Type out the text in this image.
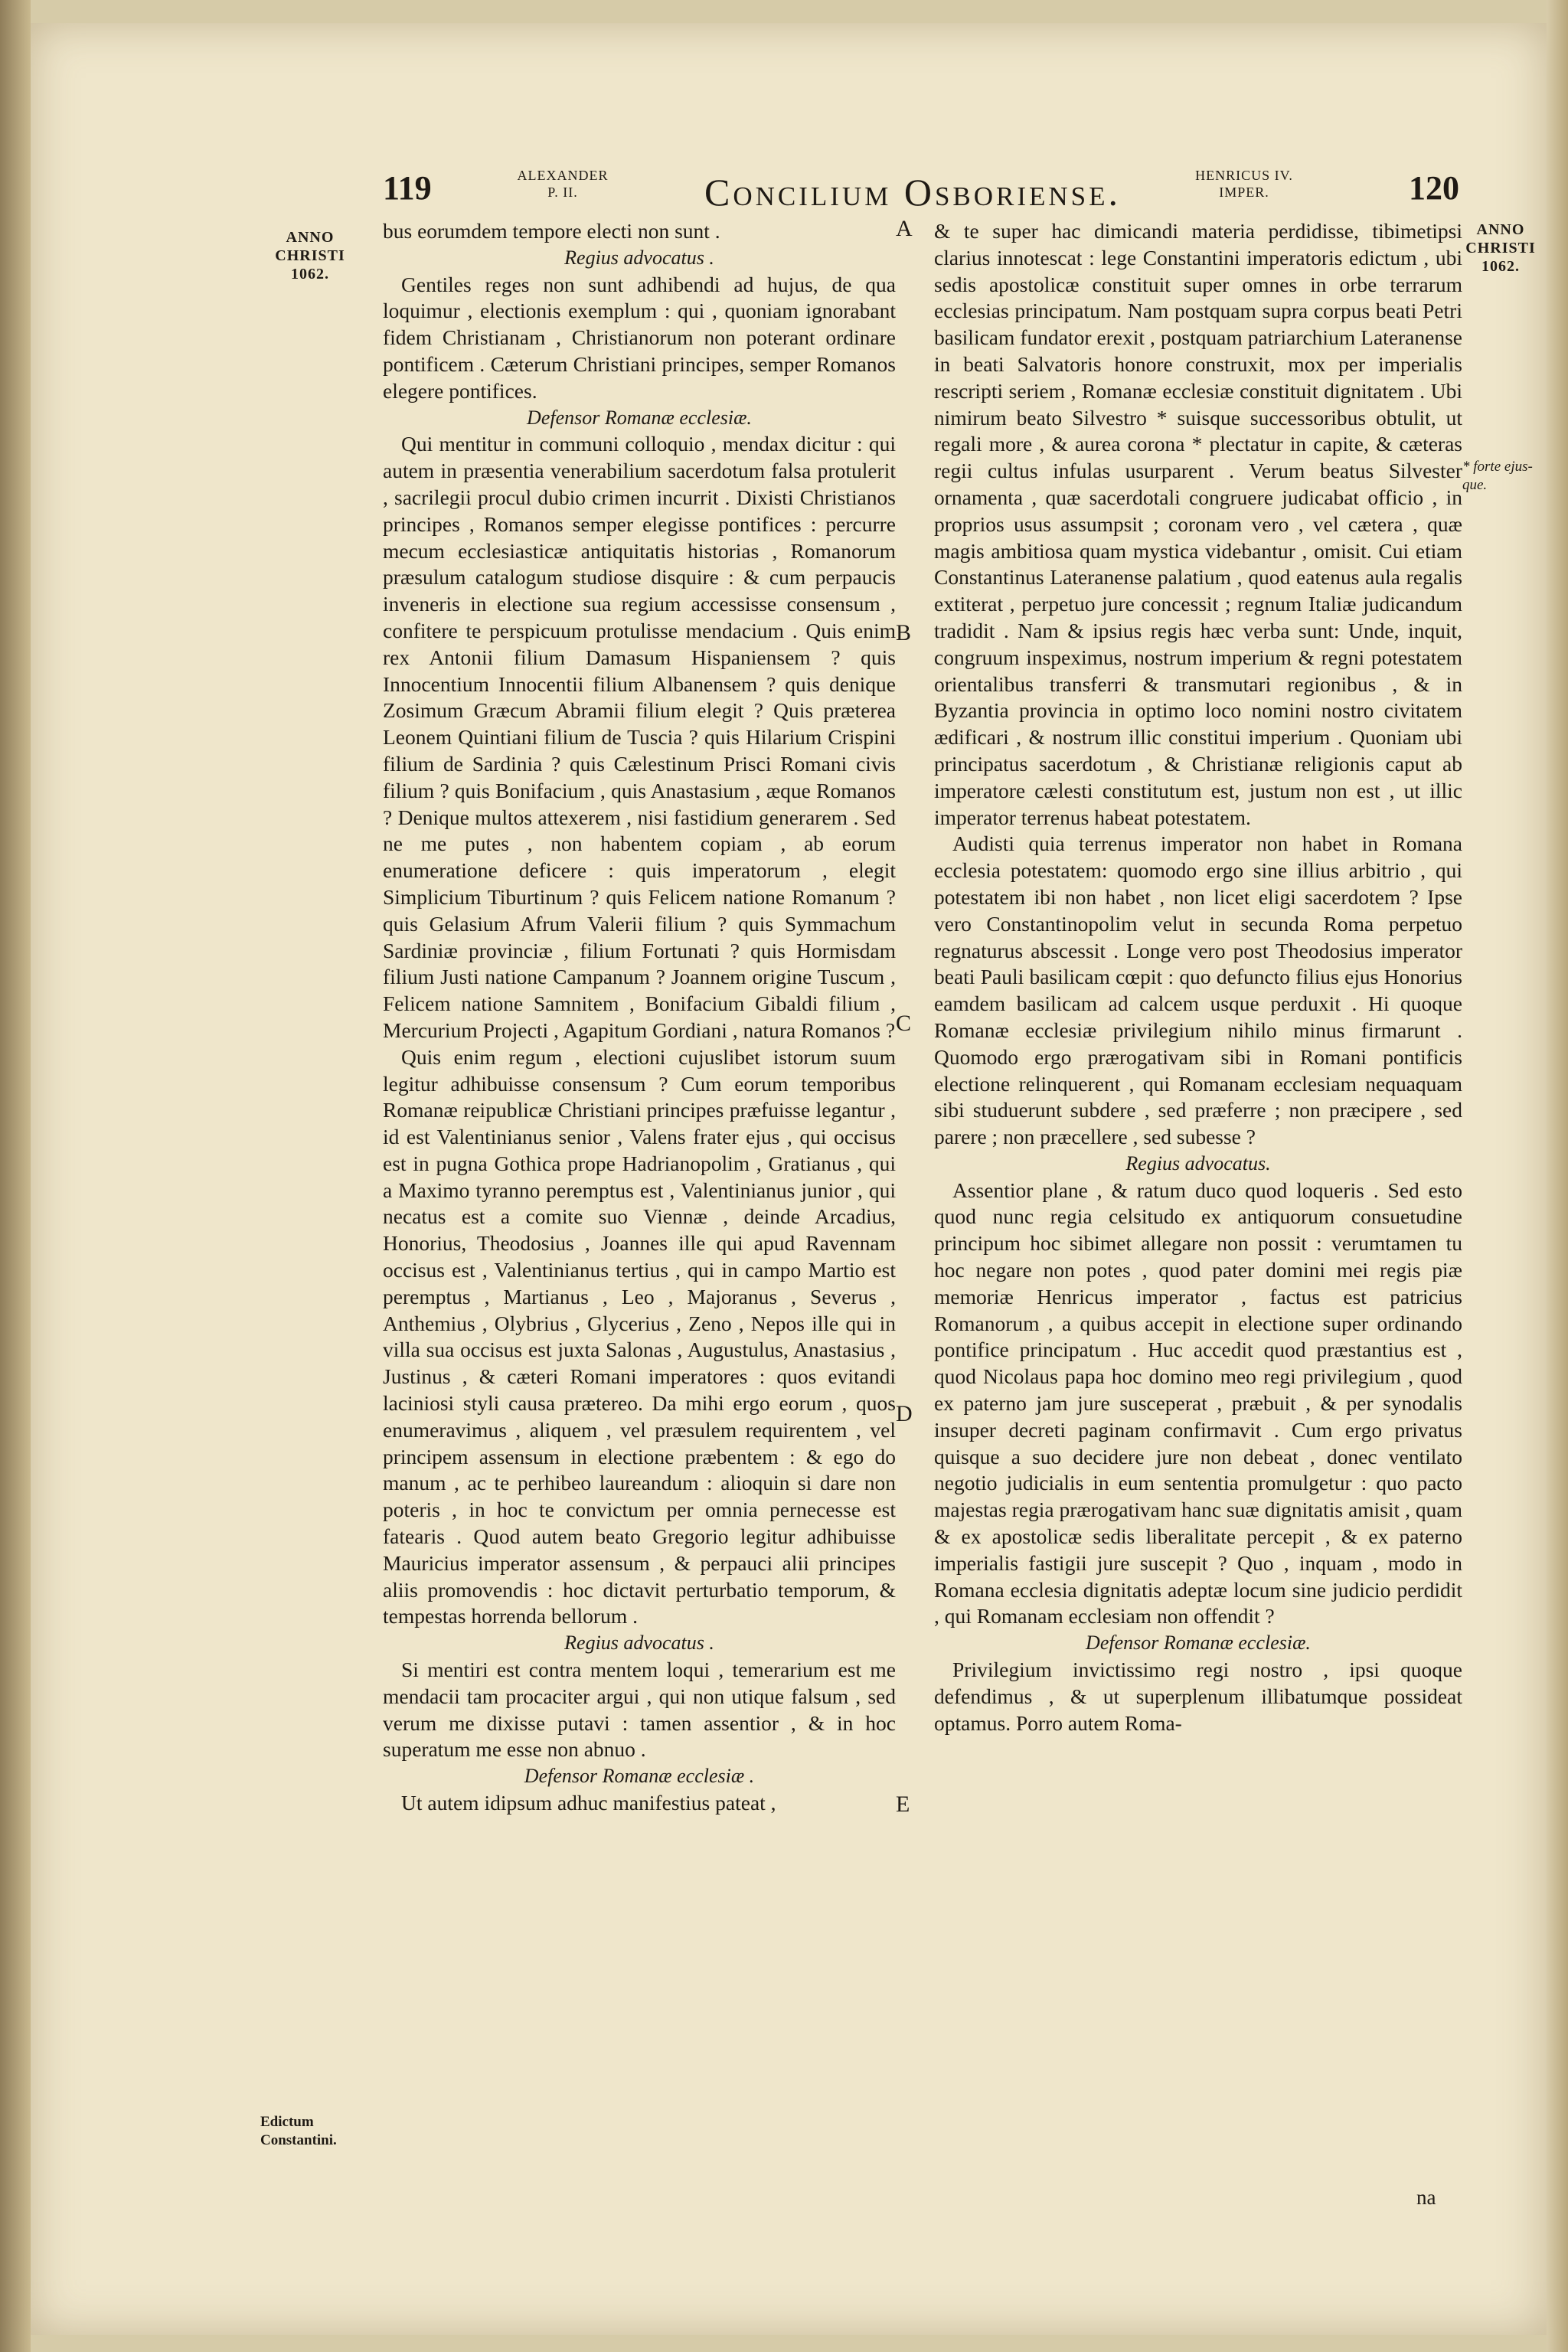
119	ALEXANDER
P. II.	Concilium Osboriense.	HENRICUS IV.
IMPER.	120
ANNO
CHRISTI
1062.
ANNO
CHRISTI
1062.
Edictum
Constantini.
* forte ejus-
que.
A
B
C
D
E

bus eorumdem tempore electi non sunt .

Regius advocatus .

Gentiles reges non sunt adhibendi ad hujus, de qua loquimur , electionis exemplum : qui , quoniam ignorabant fidem Christianam , Christianorum non poterant ordinare pontificem . Cæterum Christiani principes, semper Romanos elegere pontifices.

Defensor Romanæ ecclesiæ.

Qui mentitur in communi colloquio , mendax dicitur : qui autem in præsentia venerabilium sacerdotum falsa protulerit , sacrilegii procul dubio crimen incurrit . Dixisti Christianos principes , Romanos semper elegisse pontifices : percurre mecum ecclesiasticæ antiquitatis historias , Romanorum præsulum catalogum studiose disquire : & cum perpaucis inveneris in electione sua regium accessisse consensum , confitere te perspicuum protulisse mendacium . Quis enim rex Antonii filium Damasum Hispaniensem ? quis Innocentium Innocentii filium Albanensem ? quis denique Zosimum Græcum Abramii filium elegit ? Quis præterea Leonem Quintiani filium de Tuscia ? quis Hilarium Crispini filium de Sardinia ? quis Cælestinum Prisci Romani civis filium ? quis Bonifacium , quis Anastasium , æque Romanos ? Denique multos attexerem , nisi fastidium generarem . Sed ne me putes , non habentem copiam , ab eorum enumeratione deficere : quis imperatorum , elegit Simplicium Tiburtinum ? quis Felicem natione Romanum ? quis Gelasium Afrum Valerii filium ? quis Symmachum Sardiniæ provinciæ , filium Fortunati ? quis Hormisdam filium Justi natione Campanum ? Joannem origine Tuscum , Felicem natione Samnitem , Bonifacium Gibaldi filium , Mercurium Projecti , Agapitum Gordiani , natura Romanos ?

Quis enim regum , electioni cujuslibet istorum suum legitur adhibuisse consensum ? Cum eorum temporibus Romanæ reipublicæ Christiani principes præfuisse legantur , id est Valentinianus senior , Valens frater ejus , qui occisus est in pugna Gothica prope Hadrianopolim , Gratianus , qui a Maximo tyranno peremptus est , Valentinianus junior , qui necatus est a comite suo Viennæ , deinde Arcadius, Honorius, Theodosius , Joannes ille qui apud Ravennam occisus est , Valentinianus tertius , qui in campo Martio est peremptus , Martianus , Leo , Majoranus , Severus , Anthemius , Olybrius , Glycerius , Zeno , Nepos ille qui in villa sua occisus est juxta Salonas , Augustulus, Anastasius , Justinus , & cæteri Romani imperatores : quos evitandi laciniosi styli causa prætereo. Da mihi ergo eorum , quos enumeravimus , aliquem , vel præsulem requirentem , vel principem assensum in electione præbentem : & ego do manum , ac te perhibeo laureandum : alioquin si dare non poteris , in hoc te convictum per omnia pernecesse est fatearis . Quod autem beato Gregorio legitur adhibuisse Mauricius imperator assensum , & perpauci alii principes aliis promovendis : hoc dictavit perturbatio temporum, & tempestas horrenda bellorum .

Regius advocatus .

Si mentiri est contra mentem loqui , temerarium est me mendacii tam procaciter argui , qui non utique falsum , sed verum me dixisse putavi : tamen assentior , & in hoc superatum me esse non abnuo .

Defensor Romanæ ecclesiæ .

Ut autem idipsum adhuc manifestius pateat ,

& te super hac dimicandi materia perdidisse, tibimetipsi clarius innotescat : lege Constantini imperatoris edictum , ubi sedis apostolicæ constituit super omnes in orbe terrarum ecclesias principatum. Nam postquam supra corpus beati Petri basilicam fundator erexit , postquam patriarchium Lateranense in beati Salvatoris honore construxit, mox per imperialis rescripti seriem , Romanæ ecclesiæ constituit dignitatem . Ubi nimirum beato Silvestro * suisque successoribus obtulit, ut regali more , & aurea corona * plectatur in capite, & cæteras regii cultus infulas usurparent . Verum beatus Silvester ornamenta , quæ sacerdotali congruere judicabat officio , in proprios usus assumpsit ; coronam vero , vel cætera , quæ magis ambitiosa quam mystica videbantur , omisit. Cui etiam Constantinus Lateranense palatium , quod eatenus aula regalis extiterat , perpetuo jure concessit ; regnum Italiæ judicandum tradidit . Nam & ipsius regis hæc verba sunt: Unde, inquit, congruum inspeximus, nostrum imperium & regni potestatem orientalibus transferri & transmutari regionibus , & in Byzantia provincia in optimo loco nomini nostro civitatem ædificari , & nostrum illic constitui imperium . Quoniam ubi principatus sacerdotum , & Christianæ religionis caput ab imperatore cælesti constitutum est, justum non est , ut illic imperator terrenus habeat potestatem.

Audisti quia terrenus imperator non habet in Romana ecclesia potestatem: quomodo ergo sine illius arbitrio , qui potestatem ibi non habet , non licet eligi sacerdotem ? Ipse vero Constantinopolim velut in secunda Roma perpetuo regnaturus abscessit . Longe vero post Theodosius imperator beati Pauli basilicam cœpit : quo defuncto filius ejus Honorius eamdem basilicam ad calcem usque perduxit . Hi quoque Romanæ ecclesiæ privilegium nihilo minus firmarunt . Quomodo ergo prærogativam sibi in Romani pontificis electione relinquerent , qui Romanam ecclesiam nequaquam sibi studuerunt subdere , sed præferre ; non præcipere , sed parere ; non præcellere , sed subesse ?

Regius advocatus.

Assentior plane , & ratum duco quod loqueris . Sed esto quod nunc regia celsitudo ex antiquorum consuetudine principum hoc sibimet allegare non possit : verumtamen tu hoc negare non potes , quod pater domini mei regis piæ memoriæ Henricus imperator , factus est patricius Romanorum , a quibus accepit in electione super ordinando pontifice principatum . Huc accedit quod præstantius est , quod Nicolaus papa hoc domino meo regi privilegium , quod ex paterno jam jure susceperat , præbuit , & per synodalis insuper decreti paginam confirmavit . Cum ergo privatus quisque a suo decidere jure non debeat , donec ventilato negotio judicialis in eum sententia promulgetur : quo pacto majestas regia prærogativam hanc suæ dignitatis amisit , quam & ex apostolicæ sedis liberalitate percepit , & ex paterno imperialis fastigii jure suscepit ? Quo , inquam , modo in Romana ecclesia dignitatis adeptæ locum sine judicio perdidit , qui Romanam ecclesiam non offendit ?

Defensor Romanæ ecclesiæ.

Privilegium invictissimo regi nostro , ipsi quoque defendimus , & ut superplenum illibatumque possideat optamus. Porro autem Roma-

na
